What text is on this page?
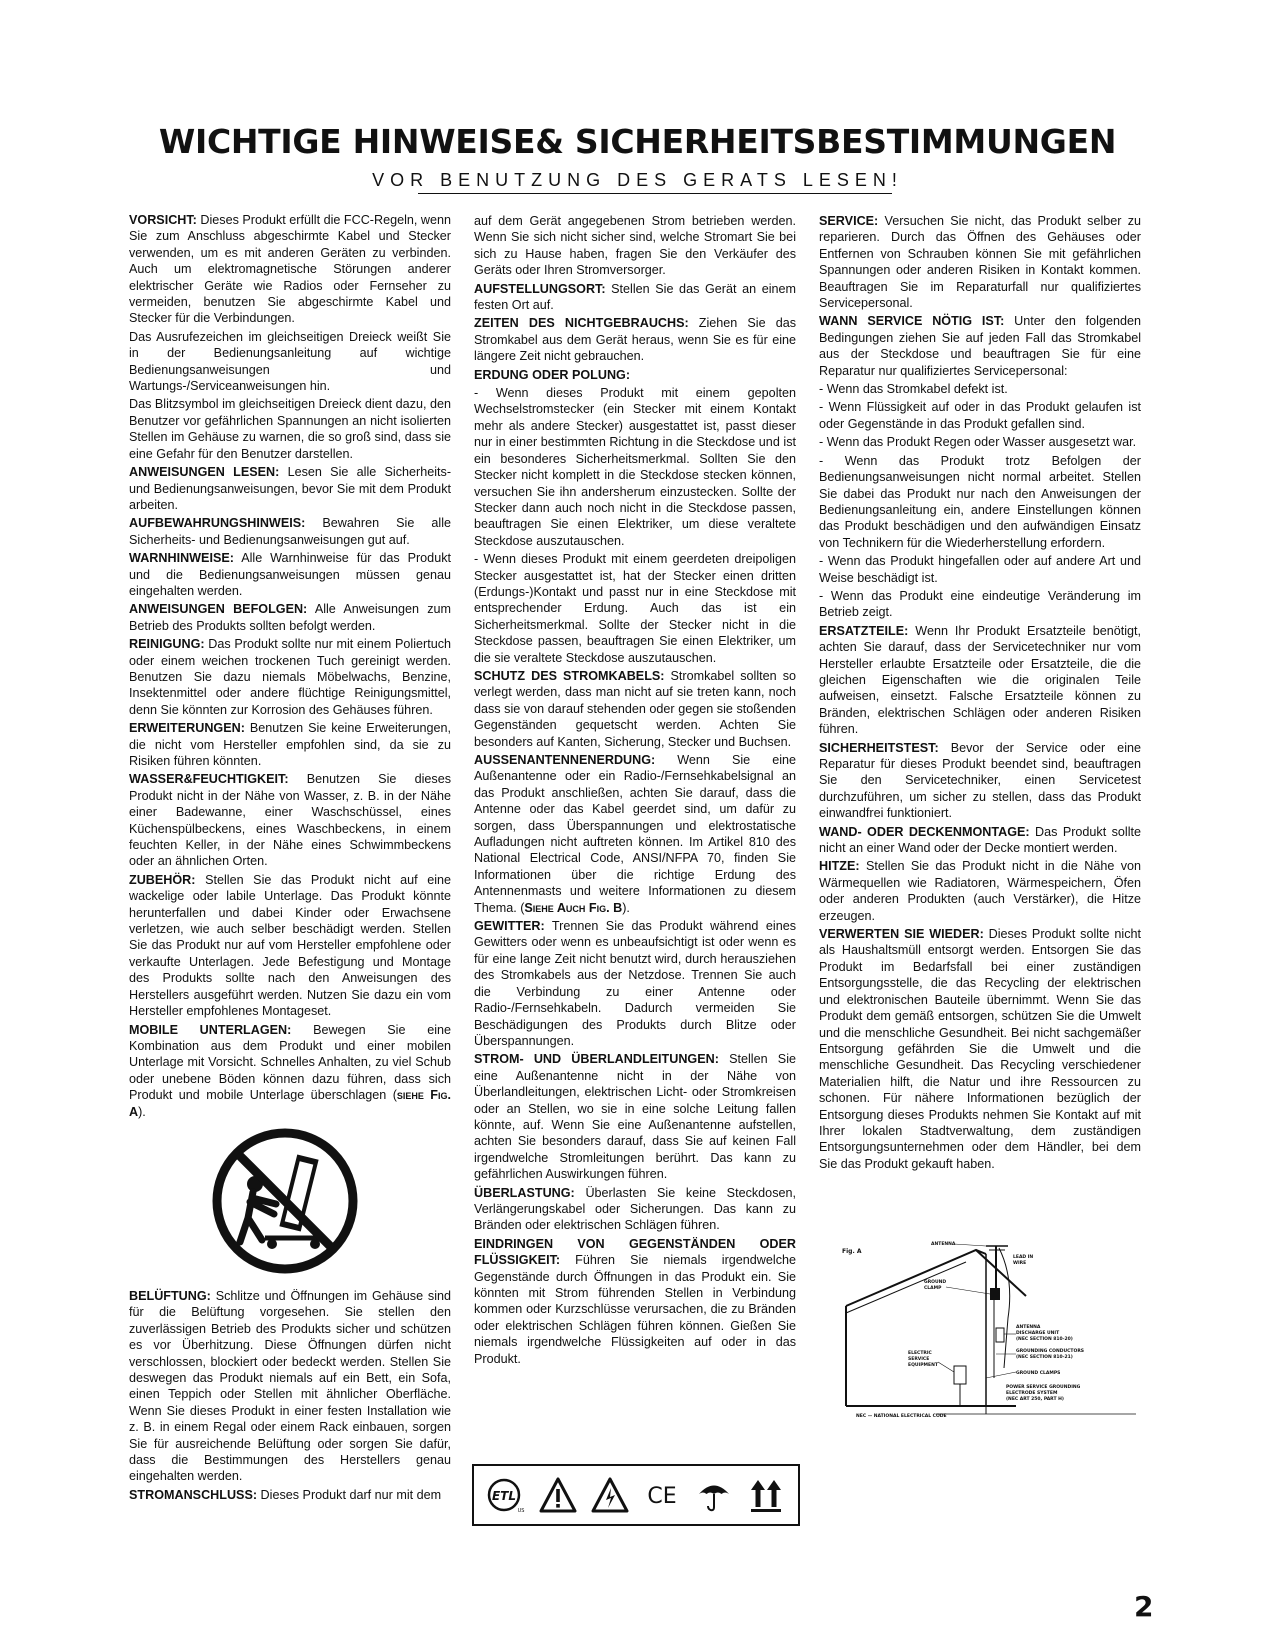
WICHTIGE HINWEISE& SICHERHEITSBESTIMMUNGEN
VOR BENUTZUNG DES GERATS LESEN!

VORSICHT: Dieses Produkt erfüllt die FCC-Regeln, wenn Sie zum Anschluss abgeschirmte Kabel und Stecker verwenden, um es mit anderen Geräten zu verbinden. Auch um elektromagnetische Störungen anderer elektrischer Geräte wie Radios oder Fernseher zu vermeiden, benutzen Sie abgeschirmte Kabel und Stecker für die Verbindungen.

Das Ausrufezeichen im gleichseitigen Dreieck weißt Sie in der Bedienungsanleitung auf wichtige Bedienungsanweisungen und Wartungs-/Serviceanweisungen hin.

Das Blitzsymbol im gleichseitigen Dreieck dient dazu, den Benutzer vor gefährlichen Spannungen an nicht isolierten Stellen im Gehäuse zu warnen, die so groß sind, dass sie eine Gefahr für den Benutzer darstellen.

ANWEISUNGEN LESEN: Lesen Sie alle Sicherheits- und Bedienungsanweisungen, bevor Sie mit dem Produkt arbeiten.

AUFBEWAHRUNGSHINWEIS: Bewahren Sie alle Sicherheits- und Bedienungsanweisungen gut auf.

WARNHINWEISE: Alle Warnhinweise für das Produkt und die Bedienungsanweisungen müssen genau eingehalten werden.

ANWEISUNGEN BEFOLGEN: Alle Anweisungen zum Betrieb des Produkts sollten befolgt werden.

REINIGUNG: Das Produkt sollte nur mit einem Poliertuch oder einem weichen trockenen Tuch gereinigt werden. Benutzen Sie dazu niemals Möbelwachs, Benzine, Insektenmittel oder andere flüchtige Reinigungsmittel, denn Sie könnten zur Korrosion des Gehäuses führen.

ERWEITERUNGEN: Benutzen Sie keine Erweiterungen, die nicht vom Hersteller empfohlen sind, da sie zu Risiken führen könnten.

WASSER&FEUCHTIGKEIT: Benutzen Sie dieses Produkt nicht in der Nähe von Wasser, z. B. in der Nähe einer Badewanne, einer Waschschüssel, eines Küchenspülbeckens, eines Waschbeckens, in einem feuchten Keller, in der Nähe eines Schwimmbeckens oder an ähnlichen Orten.

ZUBEHÖR: Stellen Sie das Produkt nicht auf eine wackelige oder labile Unterlage. Das Produkt könnte herunterfallen und dabei Kinder oder Erwachsene verletzen, wie auch selber beschädigt werden. Stellen Sie das Produkt nur auf vom Hersteller empfohlene oder verkaufte Unterlagen. Jede Befestigung und Montage des Produkts sollte nach den Anweisungen des Herstellers ausgeführt werden. Nutzen Sie dazu ein vom Hersteller empfohlenes Montageset.

MOBILE UNTERLAGEN: Bewegen Sie eine Kombination aus dem Produkt und einer mobilen Unterlage mit Vorsicht. Schnelles Anhalten, zu viel Schub oder unebene Böden können dazu führen, dass sich Produkt und mobile Unterlage überschlagen (siehe Fig. A).

BELÜFTUNG: Schlitze und Öffnungen im Gehäuse sind für die Belüftung vorgesehen. Sie stellen den zuverlässigen Betrieb des Produkts sicher und schützen es vor Überhitzung. Diese Öffnungen dürfen nicht verschlossen, blockiert oder bedeckt werden. Stellen Sie deswegen das Produkt niemals auf ein Bett, ein Sofa, einen Teppich oder Stellen mit ähnlicher Oberfläche. Wenn Sie dieses Produkt in einer festen Installation wie z. B. in einem Regal oder einem Rack einbauen, sorgen Sie für ausreichende Belüftung oder sorgen Sie dafür, dass die Bestimmungen des Herstellers genau eingehalten werden.

STROMANSCHLUSS: Dieses Produkt darf nur mit dem

auf dem Gerät angegebenen Strom betrieben werden. Wenn Sie sich nicht sicher sind, welche Stromart Sie bei sich zu Hause haben, fragen Sie den Verkäufer des Geräts oder Ihren Stromversorger.

AUFSTELLUNGSORT: Stellen Sie das Gerät an einem festen Ort auf.

ZEITEN DES NICHTGEBRAUCHS: Ziehen Sie das Stromkabel aus dem Gerät heraus, wenn Sie es für eine längere Zeit nicht gebrauchen.

ERDUNG ODER POLUNG:

- Wenn dieses Produkt mit einem gepolten Wechselstromstecker (ein Stecker mit einem Kontakt mehr als andere Stecker) ausgestattet ist, passt dieser nur in einer bestimmten Richtung in die Steckdose und ist ein besonderes Sicherheitsmerkmal. Sollten Sie den Stecker nicht komplett in die Steckdose stecken können, versuchen Sie ihn andersherum einzustecken. Sollte der Stecker dann auch noch nicht in die Steckdose passen, beauftragen Sie einen Elektriker, um diese veraltete Steckdose auszutauschen.

- Wenn dieses Produkt mit einem geerdeten dreipoligen Stecker ausgestattet ist, hat der Stecker einen dritten (Erdungs-)Kontakt und passt nur in eine Steckdose mit entsprechender Erdung. Auch das ist ein Sicherheitsmerkmal. Sollte der Stecker nicht in die Steckdose passen, beauftragen Sie einen Elektriker, um die sie veraltete Steckdose auszutauschen.

SCHUTZ DES STROMKABELS: Stromkabel sollten so verlegt werden, dass man nicht auf sie treten kann, noch dass sie von darauf stehenden oder gegen sie stoßenden Gegenständen gequetscht werden. Achten Sie besonders auf Kanten, Sicherung, Stecker und Buchsen.

AUSSENANTENNENERDUNG: Wenn Sie eine Außenantenne oder ein Radio-/Fernsehkabelsignal an das Produkt anschließen, achten Sie darauf, dass die Antenne oder das Kabel geerdet sind, um dafür zu sorgen, dass Überspannungen und elektrostatische Aufladungen nicht auftreten können. Im Artikel 810 des National Electrical Code, ANSI/NFPA 70, finden Sie Informationen über die richtige Erdung des Antennenmasts und weitere Informationen zu diesem Thema. (Siehe Auch Fig. B).

GEWITTER: Trennen Sie das Produkt während eines Gewitters oder wenn es unbeaufsichtigt ist oder wenn es für eine lange Zeit nicht benutzt wird, durch herausziehen des Stromkabels aus der Netzdose. Trennen Sie auch die Verbindung zu einer Antenne oder Radio-/Fernsehkabeln. Dadurch vermeiden Sie Beschädigungen des Produkts durch Blitze oder Überspannungen.

STROM- UND ÜBERLANDLEITUNGEN: Stellen Sie eine Außenantenne nicht in der Nähe von Überlandleitungen, elektrischen Licht- oder Stromkreisen oder an Stellen, wo sie in eine solche Leitung fallen könnte, auf. Wenn Sie eine Außenantenne aufstellen, achten Sie besonders darauf, dass Sie auf keinen Fall irgendwelche Stromleitungen berührt. Das kann zu gefährlichen Auswirkungen führen.

ÜBERLASTUNG: Überlasten Sie keine Steckdosen, Verlängerungskabel oder Sicherungen. Das kann zu Bränden oder elektrischen Schlägen führen.

EINDRINGEN VON GEGENSTÄNDEN ODER FLÜSSIGKEIT: Führen Sie niemals irgendwelche Gegenstände durch Öffnungen in das Produkt ein. Sie könnten mit Strom führenden Stellen in Verbindung kommen oder Kurzschlüsse verursachen, die zu Bränden oder elektrischen Schlägen führen können. Gießen Sie niemals irgendwelche Flüssigkeiten auf oder in das Produkt.

ETL
US
CE

SERVICE: Versuchen Sie nicht, das Produkt selber zu reparieren. Durch das Öffnen des Gehäuses oder Entfernen von Schrauben können Sie mit gefährlichen Spannungen oder anderen Risiken in Kontakt kommen. Beauftragen Sie im Reparaturfall nur qualifiziertes Servicepersonal.

WANN SERVICE NÖTIG IST: Unter den folgenden Bedingungen ziehen Sie auf jeden Fall das Stromkabel aus der Steckdose und beauftragen Sie für eine Reparatur nur qualifiziertes Servicepersonal:

- Wenn das Stromkabel defekt ist.

- Wenn Flüssigkeit auf oder in das Produkt gelaufen ist oder Gegenstände in das Produkt gefallen sind.

- Wenn das Produkt Regen oder Wasser ausgesetzt war.

- Wenn das Produkt trotz Befolgen der Bedienungsanweisungen nicht normal arbeitet. Stellen Sie dabei das Produkt nur nach den Anweisungen der Bedienungsanleitung ein, andere Einstellungen können das Produkt beschädigen und den aufwändigen Einsatz von Technikern für die Wiederherstellung erfordern.

- Wenn das Produkt hingefallen oder auf andere Art und Weise beschädigt ist.

- Wenn das Produkt eine eindeutige Veränderung im Betrieb zeigt.

ERSATZTEILE: Wenn Ihr Produkt Ersatzteile benötigt, achten Sie darauf, dass der Servicetechniker nur vom Hersteller erlaubte Ersatzteile oder Ersatzteile, die die gleichen Eigenschaften wie die originalen Teile aufweisen, einsetzt. Falsche Ersatzteile können zu Bränden, elektrischen Schlägen oder anderen Risiken führen.

SICHERHEITSTEST: Bevor der Service oder eine Reparatur für dieses Produkt beendet sind, beauftragen Sie den Servicetechniker, einen Servicetest durchzuführen, um sicher zu stellen, dass das Produkt einwandfrei funktioniert.

WAND- ODER DECKENMONTAGE: Das Produkt sollte nicht an einer Wand oder der Decke montiert werden.

HITZE: Stellen Sie das Produkt nicht in die Nähe von Wärmequellen wie Radiatoren, Wärmespeichern, Öfen oder anderen Produkten (auch Verstärker), die Hitze erzeugen.

VERWERTEN SIE WIEDER: Dieses Produkt sollte nicht als Haushaltsmüll entsorgt werden. Entsorgen Sie das Produkt im Bedarfsfall bei einer zuständigen Entsorgungsstelle, die das Recycling der elektrischen und elektronischen Bauteile übernimmt. Wenn Sie das Produkt dem gemäß entsorgen, schützen Sie die Umwelt und die menschliche Gesundheit. Bei nicht sachgemäßer Entsorgung gefährden Sie die Umwelt und die menschliche Gesundheit. Das Recycling verschiedener Materialien hilft, die Natur und ihre Ressourcen zu schonen. Für nähere Informationen bezüglich der Entsorgung dieses Produkts nehmen Sie Kontakt auf mit Ihrer lokalen Stadtverwaltung, dem zuständigen Entsorgungsunternehmen oder dem Händler, bei dem Sie das Produkt gekauft haben.

Fig. A
ANTENNA
LEAD IN
WIRE
GROUND
CLAMP
ANTENNA
DISCHARGE UNIT
(NEC SECTION 810-20)
GROUNDING CONDUCTORS
(NEC SECTION 810-21)
ELECTRIC
SERVICE
EQUIPMENT
GROUND CLAMPS
POWER SERVICE GROUNDING
ELECTRODE SYSTEM
(NEC ART 250, PART H)
NEC — NATIONAL ELECTRICAL CODE
2
